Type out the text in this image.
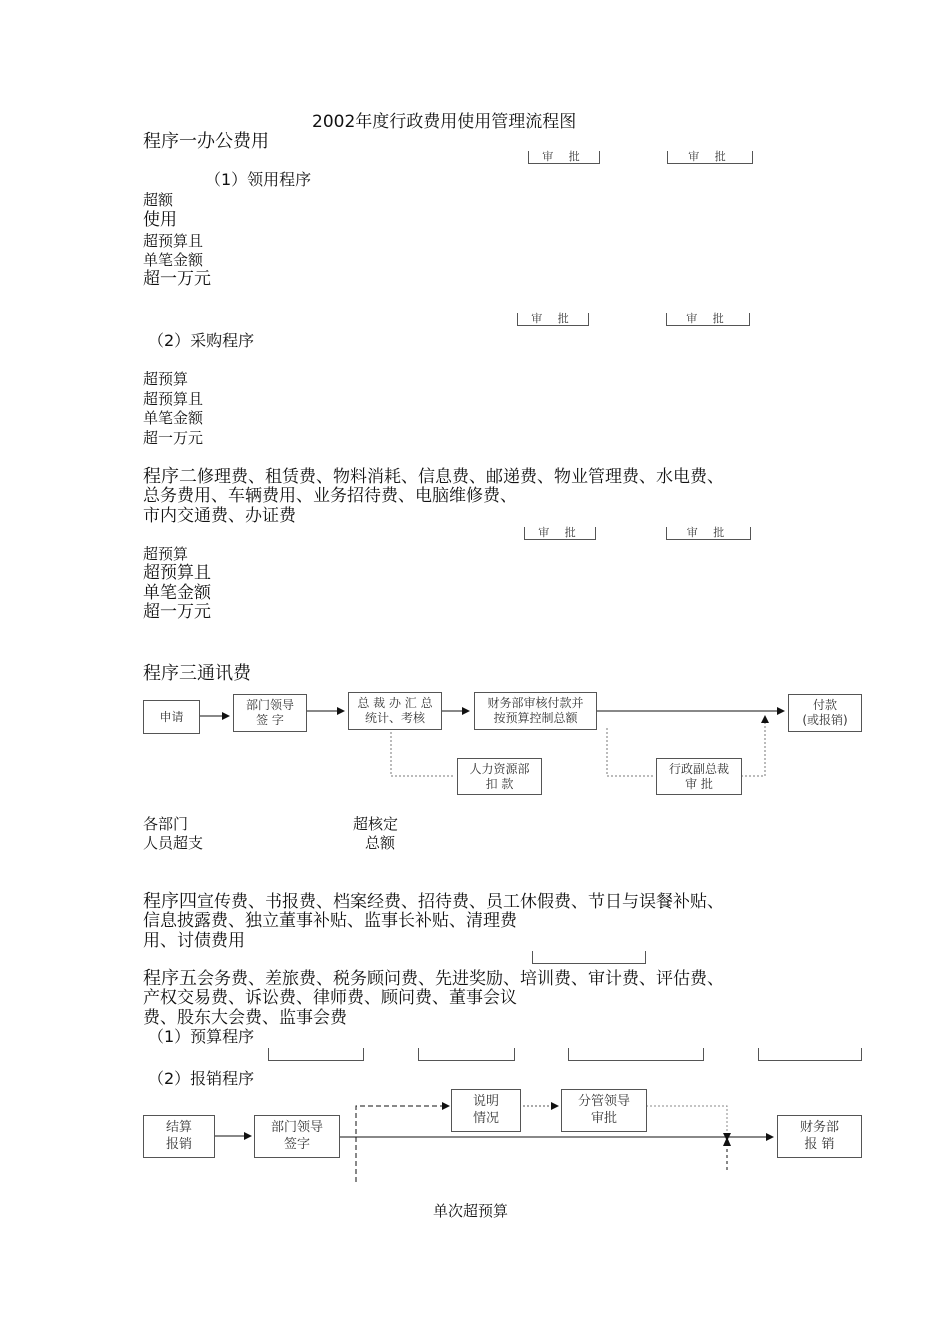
2002年度行政费用使用管理流程图
程序一办公费用
审 批	审 批
（1）领用程序
超额
使用
超预算且
单笔金额
超一万元
审 批	审 批
（2）采购程序
超预算
超预算且
单笔金额
超一万元
程序二修理费、租赁费、物料消耗、信息费、邮递费、物业管理费、水电费、
总务费用、车辆费用、业务招待费、电脑维修费、
市内交通费、办证费
审 批	审 批
超预算
超预算且
单笔金额
超一万元
程序三通讯费
申请
部门领导
签 字
总 裁 办 汇 总
统计、考核
财务部审核付款并
按预算控制总额
付款
(或报销)
人力资源部
扣 款
行政副总裁
审 批
各部门
人员超支
超核定
总额
程序四宣传费、书报费、档案经费、招待费、员工休假费、节日与误餐补贴、
信息披露费、独立董事补贴、监事长补贴、清理费
用、讨债费用
程序五会务费、差旅费、税务顾问费、先进奖励、培训费、审计费、评估费、
产权交易费、诉讼费、律师费、顾问费、董事会议
费、股东大会费、监事会费
（1）预算程序
（2）报销程序
结算
报销
部门领导
签字
说明
情况
分管领导
审批
财务部
报 销
单次超预算
